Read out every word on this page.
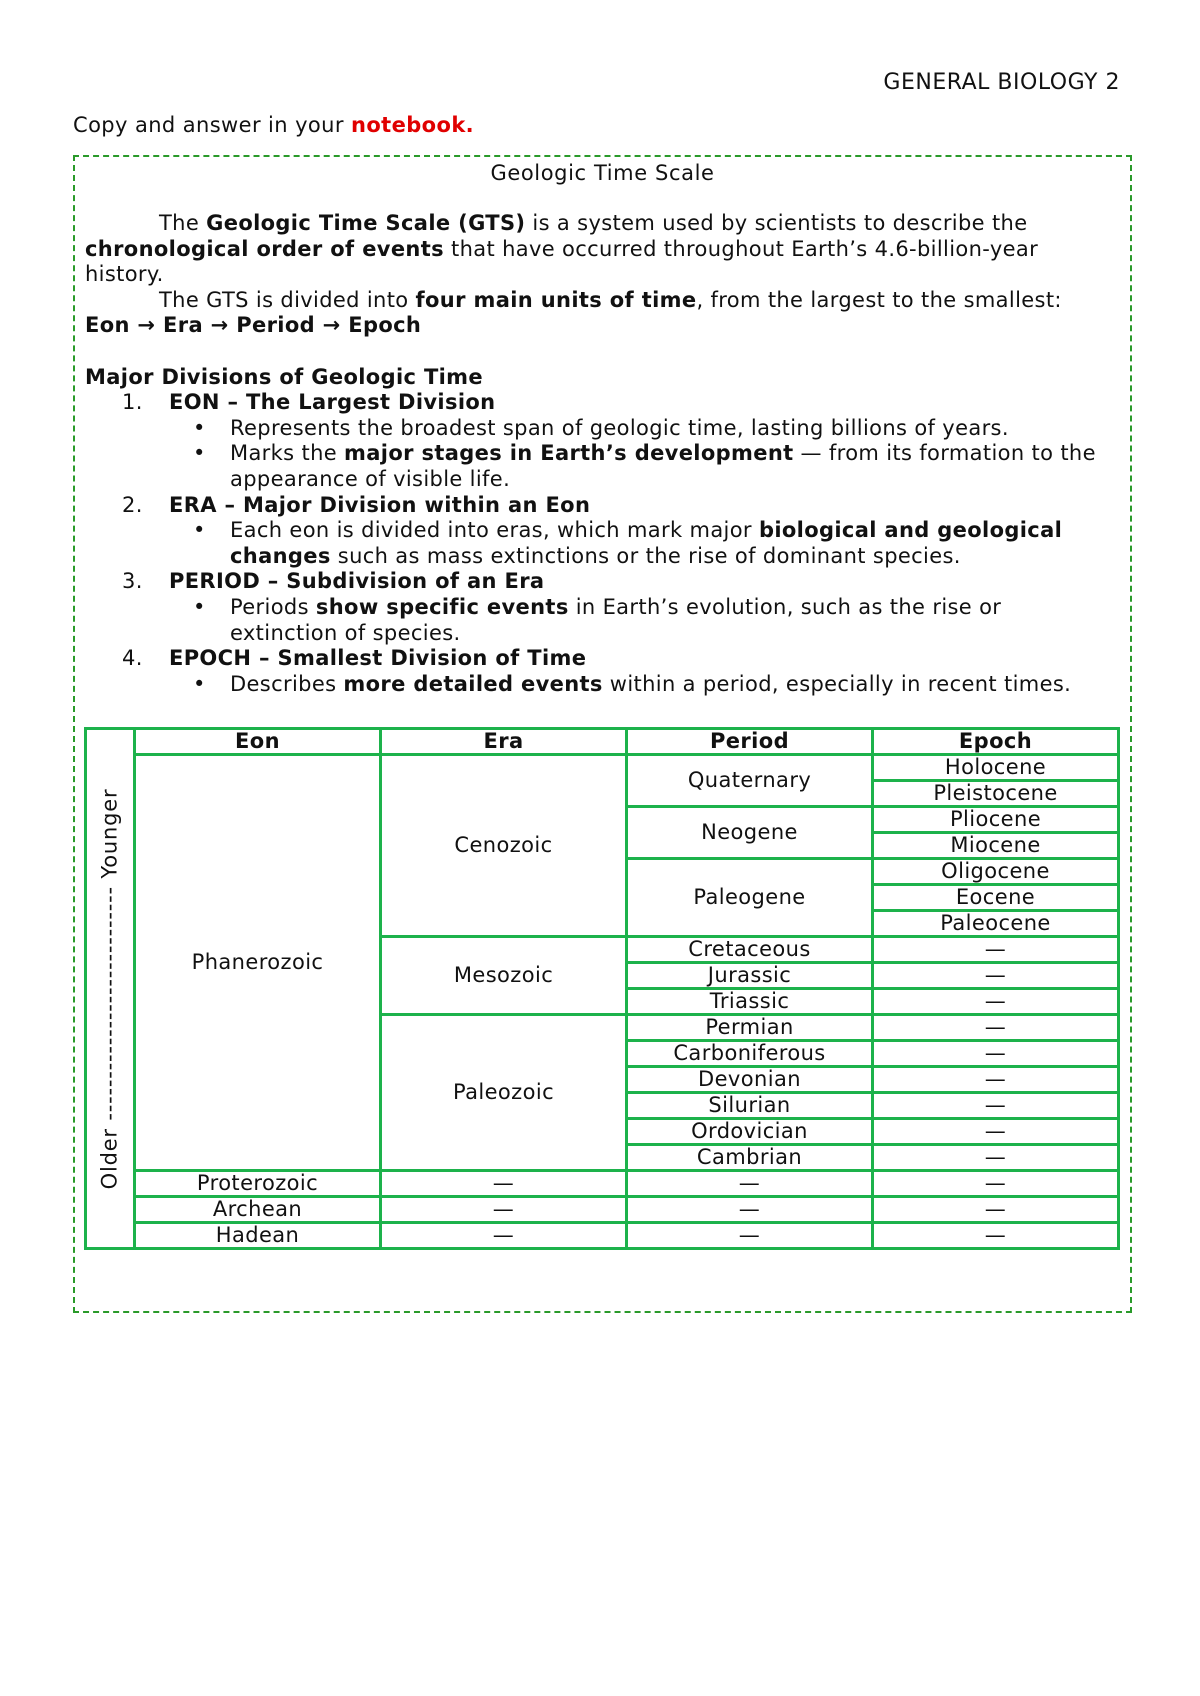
GENERAL BIOLOGY 2
Copy and answer in your notebook.
Geologic Time Scale
The Geologic Time Scale (GTS) is a system used by scientists to describe the chronological order of events that have occurred throughout Earth’s 4.6-billion-year history.
The GTS is divided into four main units of time, from the largest to the smallest:
Eon → Era → Period → Epoch
Major Divisions of Geologic Time
1. EON – The Largest Division
• Represents the broadest span of geologic time, lasting billions of years.
• Marks the major stages in Earth’s development — from its formation to the appearance of visible life.
2. ERA – Major Division within an Eon
• Each eon is divided into eras, which mark major biological and geological changes such as mass extinctions or the rise of dominant species.
3. PERIOD – Subdivision of an Era
• Periods show specific events in Earth’s evolution, such as the rise or extinction of species.
4. EPOCH – Smallest Division of Time
• Describes more detailed events within a period, especially in recent times.
Older ---------------------------- Younger	Eon	Era	Period	Epoch
	Phanerozoic	Cenozoic	Quaternary	Holocene
				Pleistocene
			Neogene	Pliocene
				Miocene
			Paleogene	Oligocene
				Eocene
				Paleocene
		Mesozoic	Cretaceous	—
			Jurassic	—
			Triassic	—
		Paleozoic	Permian	—
			Carboniferous	—
			Devonian	—
			Silurian	—
			Ordovician	—
			Cambrian	—
	Proterozoic	—	—	—
	Archean	—	—	—
	Hadean	—	—	—
